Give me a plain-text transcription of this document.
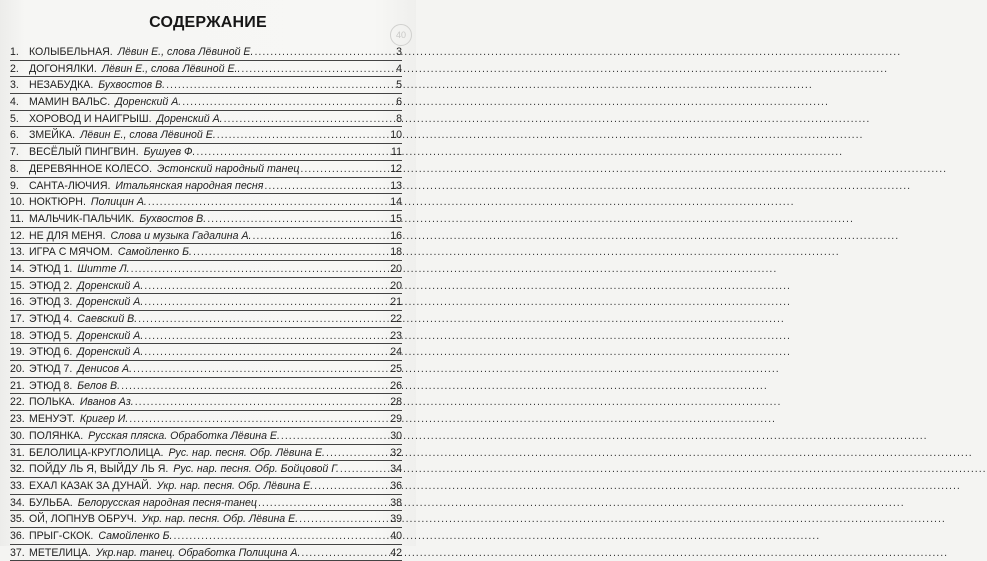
40
СОДЕРЖАНИЕ
1. КОЛЫБЕЛЬНАЯ. Лёвин Е., слова Лёвиной Е. .....	3
2. ДОГОНЯЛКИ. Лёвин Е., слова Лёвиной Е.. .....	4
3. НЕЗАБУДКА. Бухвостов В. .....	5
4. МАМИН ВАЛЬС. Доренский А. .....	6
5. ХОРОВОД И НАИГРЫШ. Доренский А. .....	8
6. ЗМЕЙКА. Лёвин Е., слова Лёвиной Е. .....	10
7. ВЕСЁЛЫЙ ПИНГВИН. Бушуев Ф. .....	11
8. ДЕРЕВЯННОЕ КОЛЕСО. Эстонский народный танец .....	12
9. САНТА-ЛЮЧИЯ. Итальянская народная песня .....	13
10. НОКТЮРН. Полицин А. .....	14
11. МАЛЬЧИК-ПАЛЬЧИК. Бухвостов В. .....	15
12. НЕ ДЛЯ МЕНЯ. Слова и музыка Гадалина А. .....	16
13. ИГРА С МЯЧОМ. Самойленко Б. .....	18
14. ЭТЮД 1. Шитте Л. .....	20
15. ЭТЮД 2. Доренский А. .....	20
16. ЭТЮД 3. Доренский А. .....	21
17. ЭТЮД 4. Саевский В. .....	22
18. ЭТЮД 5. Доренский А. .....	23
19. ЭТЮД 6. Доренский А. .....	24
20. ЭТЮД 7. Денисов А. .....	25
21. ЭТЮД 8. Белов В. .....	26
22. ПОЛЬКА. Иванов Аз. .....	28
23. МЕНУЭТ. Кригер И. .....	29
30. ПОЛЯНКА. Русская пляска. Обработка Лёвина Е. .....	30
31. БЕЛОЛИЦА-КРУГЛОЛИЦА. Рус. нар. песня. Обр. Лёвина Е. .....	32
32. ПОЙДУ ЛЬ Я, ВЫЙДУ ЛЬ Я. Рус. нар. песня. Обр. Бойцовой Г. .....	34
33. ЕХАЛ КАЗАК ЗА ДУНАЙ. Укр. нар. песня. Обр. Лёвина Е. .....	36
34. БУЛЬБА. Белорусская народная песня-танец .....	38
35. ОЙ, ЛОПНУВ ОБРУЧ. Укр. нар. песня. Обр. Лёвина Е. .....	39
36. ПРЫГ-СКОК. Самойленко Б. .....	40
37. МЕТЕЛИЦА. Укр.нар. танец. Обработка Полицина А. .....	42
